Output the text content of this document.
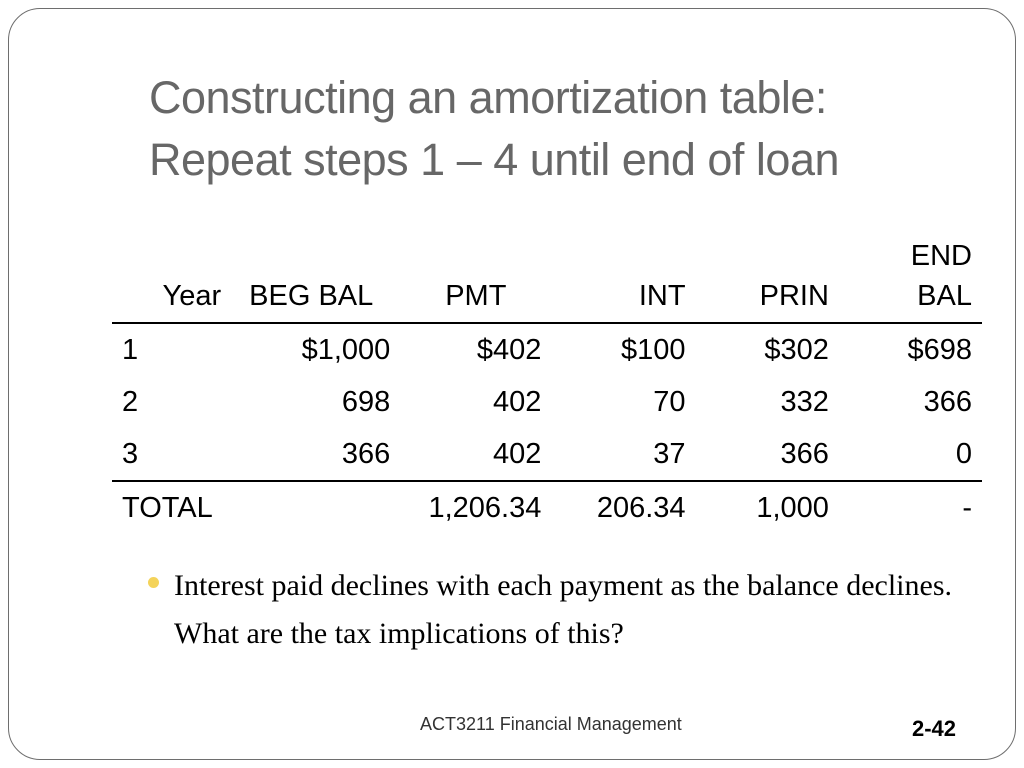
Constructing an amortization table:
Repeat steps 1 – 4 until end of loan
Year	BEG BAL	PMT	INT	PRIN	END
BAL

1	$1,000	$402	$100	$302	$698
2	698	402	70	332	366
3	366	402	37	366	0
TOTAL		1,206.34	206.34	1,000	-
Interest paid declines with each payment as the balance declines. What are the tax implications of this?
ACT3211 Financial Management	2-42
